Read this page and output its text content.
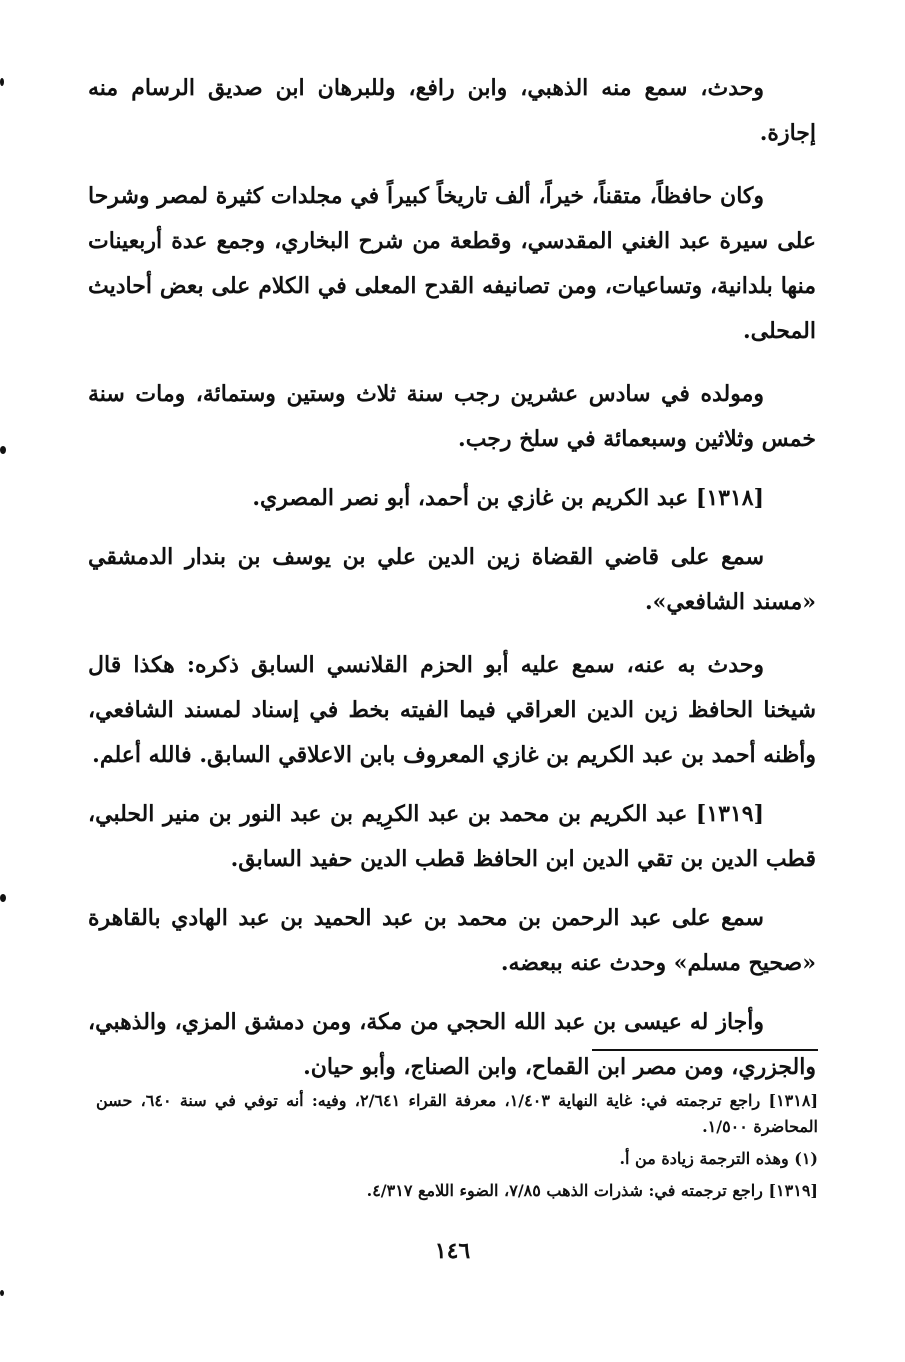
وحدث، سمع منه الذهبي، وابن رافع، وللبرهان ابن صديق الرسام منه إجازة.

وكان حافظاً، متقناً، خيراً، ألف تاريخاً كبيراً في مجلدات كثيرة لمصر وشرحا على سيرة عبد الغني المقدسي، وقطعة من شرح البخاري، وجمع عدة أربعينات منها بلدانية، وتساعيات، ومن تصانيفه القدح المعلى في الكلام على بعض أحاديث المحلى.

ومولده في سادس عشرين رجب سنة ثلاث وستين وستمائة، ومات سنة خمس وثلاثين وسبعمائة في سلخ رجب.

[١٣١٨] عبد الكريم بن غازي بن أحمد، أبو نصر المصري.

سمع على قاضي القضاة زين الدين علي بن يوسف بن بندار الدمشقي «مسند الشافعي».

وحدث به عنه، سمع عليه أبو الحزم القلانسي السابق ذكره: هكذا قال شيخنا الحافظ زين الدين العراقي فيما الفيته بخط في إسناد لمسند الشافعي، وأظنه أحمد بن عبد الكريم بن غازي المعروف بابن الاعلاقي السابق. فالله أعلم.

[١٣١٩] عبد الكريم بن محمد بن عبد الكرِيم بن عبد النور بن منير الحلبي، قطب الدين بن تقي الدين ابن الحافظ قطب الدين حفيد السابق.

سمع على عبد الرحمن بن محمد بن عبد الحميد بن عبد الهادي بالقاهرة «صحيح مسلم» وحدث عنه ببعضه.

وأجاز له عيسى بن عبد الله الحجي من مكة، ومن دمشق المزي، والذهبي، والجزري، ومن مصر ابن القماح، وابن الصناج، وأبو حيان.

[١٣١٨] راجع ترجمته في: غاية النهاية ١/٤٠٣، معرفة القراء ٢/٦٤١، وفيه: أنه توفي في سنة ٦٤٠، حسن المحاضرة ١/٥٠٠.

(١) وهذه الترجمة زيادة من أ.

[١٣١٩] راجع ترجمته في: شذرات الذهب ٧/٨٥، الضوء اللامع ٤/٣١٧.

١٤٦
